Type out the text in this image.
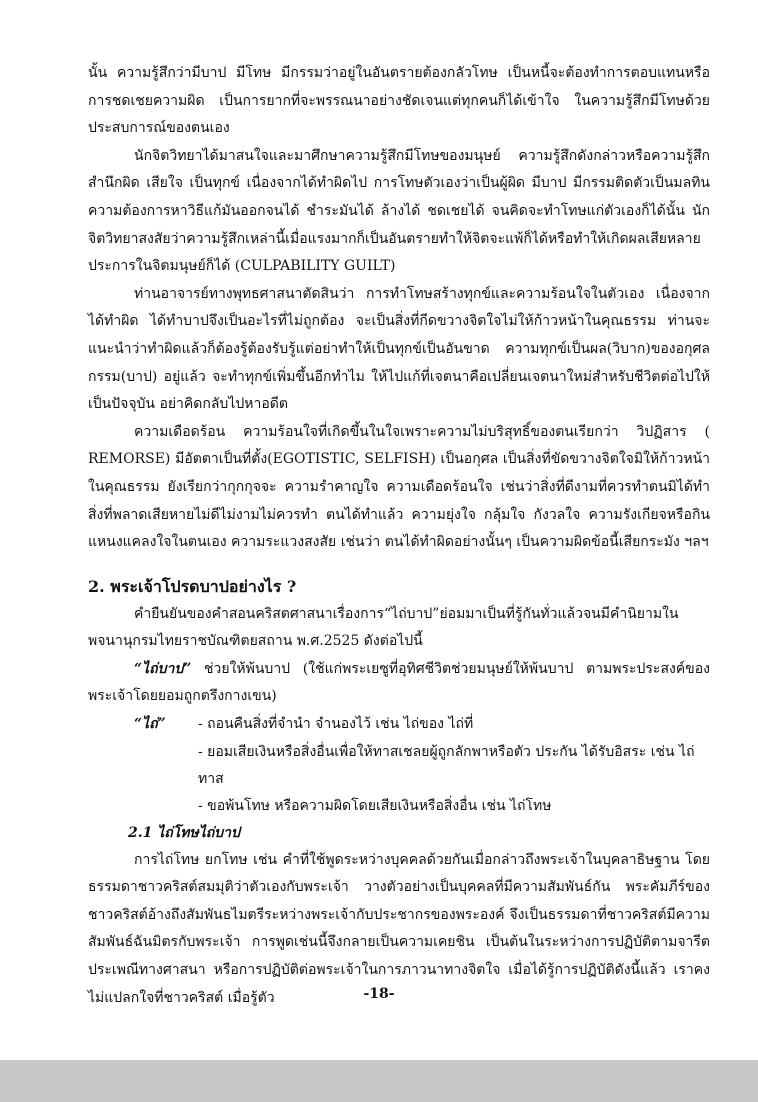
นั้น ความรู้สึกว่ามีบาป มีโทษ มีกรรมว่าอยู่ในอันตรายต้องกลัวโทษ เป็นหนี้จะต้องทำการตอบแทนหรือการชดเชยความผิด เป็นการยากที่จะพรรณนาอย่างชัดเจนแต่ทุกคนก็ได้เข้าใจ ในความรู้สึกมีโทษด้วยประสบการณ์ของตนเอง

นักจิตวิทยาได้มาสนใจและมาศึกษาความรู้สึกมีโทษของมนุษย์ ความรู้สึกดังกล่าวหรือความรู้สึกสำนึกผิด เสียใจ เป็นทุกข์ เนื่องจากได้ทำผิดไป การโทษตัวเองว่าเป็นผู้ผิด มีบาป มีกรรมติดตัวเป็นมลทิน ความต้องการหาวิธีแก้มันออกจนได้ ชำระมันได้ ล้างได้ ชดเชยได้ จนคิดจะทำโทษแก่ตัวเองก็ได้นั้น นักจิตวิทยาสงสัยว่าความรู้สึกเหล่านี้เมื่อแรงมากก็เป็นอันตรายทำให้จิตจะแพ้ก็ได้หรือทำให้เกิดผลเสียหลายประการในจิตมนุษย์ก็ได้ (CULPABILITY GUILT)

ท่านอาจารย์ทางพุทธศาสนาตัดสินว่า การทำโทษสร้างทุกข์และความร้อนใจในตัวเอง เนื่องจากได้ทำผิด ได้ทำบาปจึงเป็นอะไรที่ไม่ถูกต้อง จะเป็นสิ่งที่กีดขวางจิตใจไม่ให้ก้าวหน้าในคุณธรรม ท่านจะแนะนำว่าทำผิดแล้วก็ต้องรู้ต้องรับรู้แต่อย่าทำให้เป็นทุกข์เป็นอันขาด ความทุกข์เป็นผล(วิบาก)ของอกุศลกรรม(บาป) อยู่แล้ว จะทำทุกข์เพิ่มขึ้นอีกทำไม ให้ไปแก้ที่เจตนาคือเปลี่ยนเจตนาใหม่สำหรับชีวิตต่อไปให้เป็นปัจจุบัน อย่าคิดกลับไปหาอดีต

ความเดือดร้อน ความร้อนใจที่เกิดขึ้นในใจเพราะความไม่บริสุทธิ์ของตนเรียกว่า วิปฏิสาร ( REMORSE) มีอัตตาเป็นที่ตั้ง(EGOTISTIC, SELFISH) เป็นอกุศล เป็นสิ่งที่ขัดขวางจิตใจมิให้ก้าวหน้าในคุณธรรม ยังเรียกว่ากุกกุจจะ ความรำคาญใจ ความเดือดร้อนใจ เช่นว่าสิ่งที่ดีงามที่ควรทำตนมิได้ทำ สิ่งที่พลาดเสียหายไม่ดีไม่งามไม่ควรทำ ตนได้ทำแล้ว ความยุ่งใจ กลุ้มใจ กังวลใจ ความรังเกียจหรือกินแหนงแคลงใจในตนเอง ความระแวงสงสัย เช่นว่า ตนได้ทำผิดอย่างนั้นๆ เป็นความผิดข้อนี้เสียกระมัง ฯลฯ

2. พระเจ้าโปรดบาปอย่างไร ?

คำยืนยันของคำสอนคริสตศาสนาเรื่องการ“ไถ่บาป”ย่อมมาเป็นที่รู้กันทั่วแล้วจนมีคำนิยามในพจนานุกรมไทยราชบัณฑิตยสถาน พ.ศ.2525 ดังต่อไปนี้

“ไถ่บาป” ช่วยให้พ้นบาป (ใช้แก่พระเยซูที่อุทิศชีวิตช่วยมนุษย์ให้พ้นบาป ตามพระประสงค์ของพระเจ้าโดยยอมถูกตรึงกางเขน)

“ไถ่”	- ถอนคืนสิ่งที่จำนำ จำนองไว้ เช่น ไถ่ของ ไถ่ที่
- ยอมเสียเงินหรือสิ่งอื่นเพื่อให้ทาสเชลยผู้ถูกลักพาหรือตัว ประกัน ได้รับอิสระ เช่น ไถ่ทาส
- ขอพ้นโทษ หรือความผิดโดยเสียเงินหรือสิ่งอื่น เช่น ไถ่โทษ
2.1 ไถ่โทษไถ่บาป

การไถ่โทษ ยกโทษ เช่น คำที่ใช้พูดระหว่างบุคคลด้วยกันเมื่อกล่าวถึงพระเจ้าในบุคลาธิษฐาน โดยธรรมดาชาวคริสต์สมมุติว่าตัวเองกับพระเจ้า วางตัวอย่างเป็นบุคคลที่มีความสัมพันธ์กัน พระคัมภีร์ของชาวคริสต์อ้างถึงสัมพันธไมตรีระหว่างพระเจ้ากับประชากรของพระองค์ จึงเป็นธรรมดาที่ชาวคริสต์มีความสัมพันธ์ฉันมิตรกับพระเจ้า การพูดเช่นนี้จึงกลายเป็นความเคยชิน เป็นต้นในระหว่างการปฏิบัติตามจารีตประเพณีทางศาสนา หรือการปฏิบัติต่อพระเจ้าในการภาวนาทางจิตใจ เมื่อได้รู้การปฏิบัติดังนี้แล้ว เราคงไม่แปลกใจที่ชาวคริสต์ เมื่อรู้ตัว	-18-
